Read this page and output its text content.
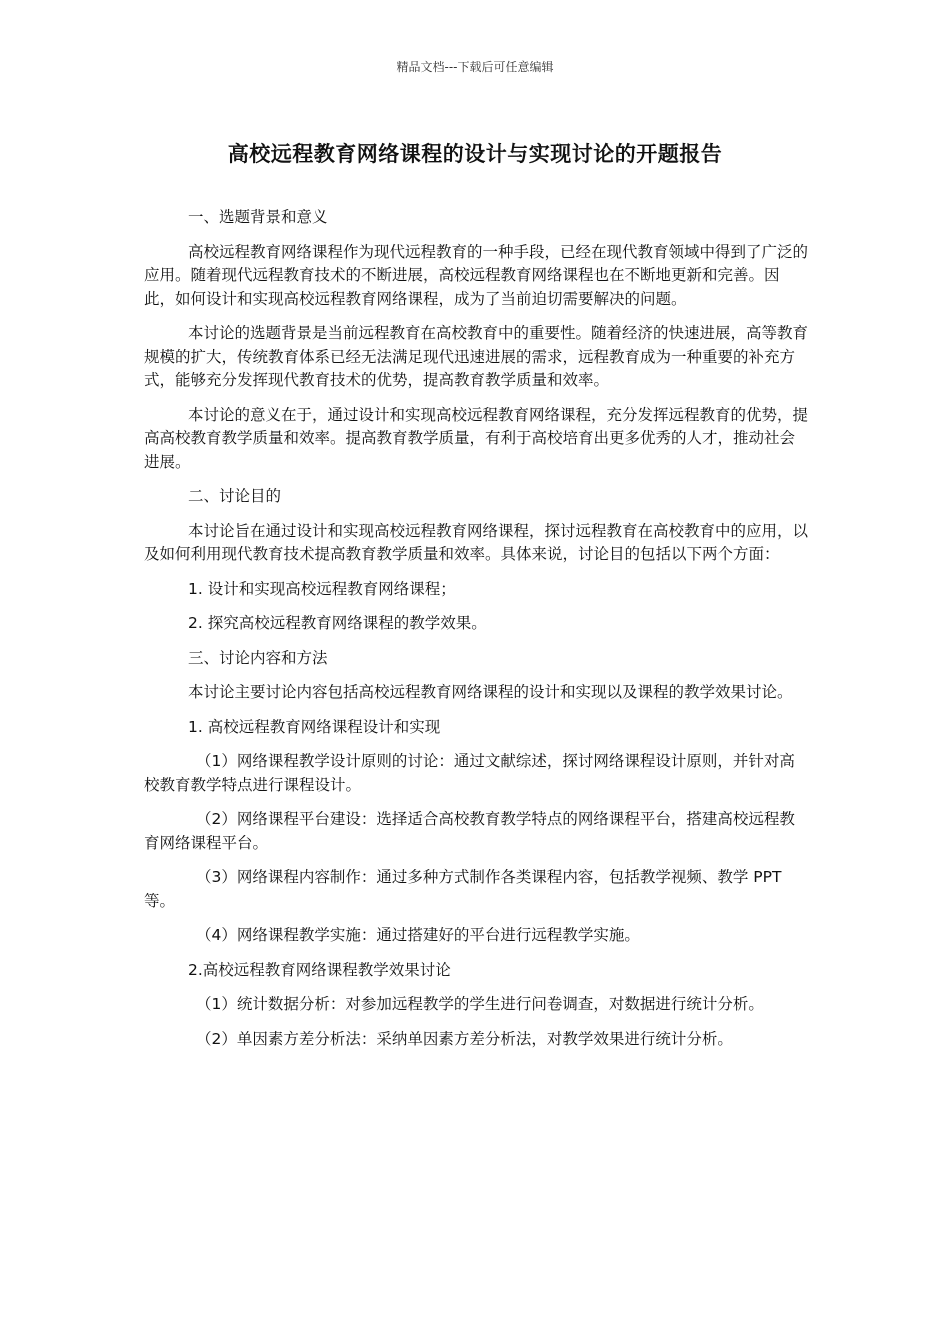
精品文档---下载后可任意编辑
高校远程教育网络课程的设计与实现讨论的开题报告
一、选题背景和意义
高校远程教育网络课程作为现代远程教育的一种手段，已经在现代教育领域中得到了广泛的应用。随着现代远程教育技术的不断进展，高校远程教育网络课程也在不断地更新和完善。因此，如何设计和实现高校远程教育网络课程，成为了当前迫切需要解决的问题。
本讨论的选题背景是当前远程教育在高校教育中的重要性。随着经济的快速进展，高等教育规模的扩大，传统教育体系已经无法满足现代迅速进展的需求，远程教育成为一种重要的补充方式，能够充分发挥现代教育技术的优势，提高教育教学质量和效率。
本讨论的意义在于，通过设计和实现高校远程教育网络课程，充分发挥远程教育的优势，提高高校教育教学质量和效率。提高教育教学质量，有利于高校培育出更多优秀的人才，推动社会进展。
二、讨论目的
本讨论旨在通过设计和实现高校远程教育网络课程，探讨远程教育在高校教育中的应用，以及如何利用现代教育技术提高教育教学质量和效率。具体来说，讨论目的包括以下两个方面：
1. 设计和实现高校远程教育网络课程；
2. 探究高校远程教育网络课程的教学效果。
三、讨论内容和方法
本讨论主要讨论内容包括高校远程教育网络课程的设计和实现以及课程的教学效果讨论。
1. 高校远程教育网络课程设计和实现
（1）网络课程教学设计原则的讨论：通过文献综述，探讨网络课程设计原则，并针对高校教育教学特点进行课程设计。
（2）网络课程平台建设：选择适合高校教育教学特点的网络课程平台，搭建高校远程教育网络课程平台。
（3）网络课程内容制作：通过多种方式制作各类课程内容，包括教学视频、教学 PPT 等。
（4）网络课程教学实施：通过搭建好的平台进行远程教学实施。
2.高校远程教育网络课程教学效果讨论
（1）统计数据分析：对参加远程教学的学生进行问卷调查，对数据进行统计分析。
（2）单因素方差分析法：采纳单因素方差分析法，对教学效果进行统计分析。
